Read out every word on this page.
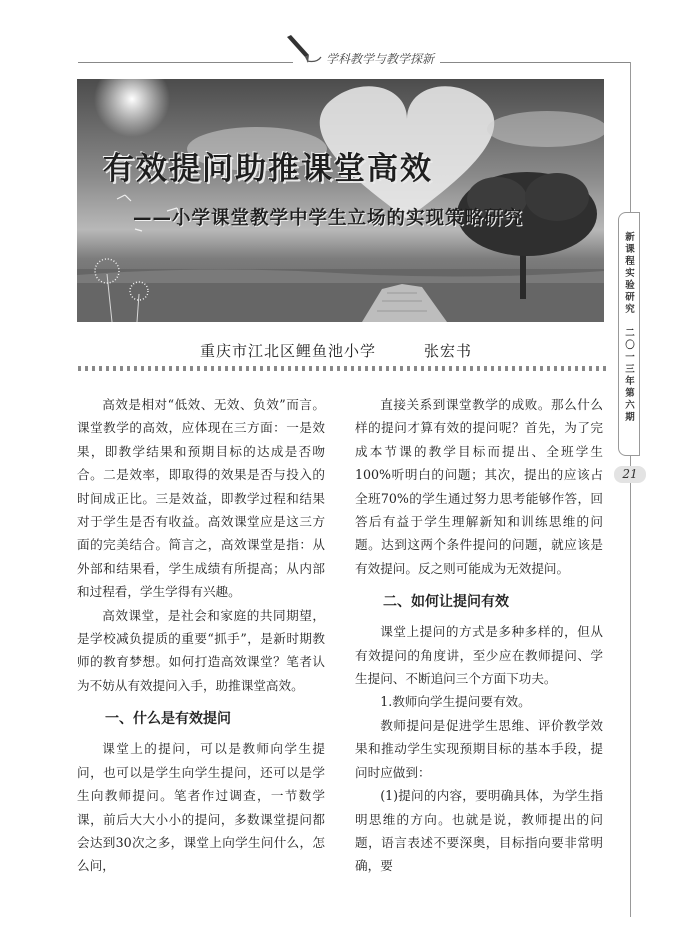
学科教学与教学探新
新课程实验研究
二〇一三年 第六期
21
有效提问助推课堂高效
——小学课堂教学中学生立场的实现策略研究
重庆市江北区鲤鱼池小学	张宏书

高效是相对“低效、无效、负效”而言。课堂教学的高效，应体现在三方面：一是效果，即教学结果和预期目标的达成是否吻合。二是效率，即取得的效果是否与投入的时间成正比。三是效益，即教学过程和结果对于学生是否有收益。高效课堂应是这三方面的完美结合。简言之，高效课堂是指：从外部和结果看，学生成绩有所提高；从内部和过程看，学生学得有兴趣。

高效课堂，是社会和家庭的共同期望，是学校减负提质的重要“抓手”，是新时期教师的教育梦想。如何打造高效课堂？笔者认为不妨从有效提问入手，助推课堂高效。

一、什么是有效提问

课堂上的提问，可以是教师向学生提问，也可以是学生向学生提问，还可以是学生向教师提问。笔者作过调查，一节数学课，前后大大小小的提问，多数课堂提问都会达到30次之多，课堂上向学生问什么，怎么问，

直接关系到课堂教学的成败。那么什么样的提问才算有效的提问呢？首先，为了完成本节课的教学目标而提出、全班学生100%听明白的问题；其次，提出的应该占全班70%的学生通过努力思考能够作答，回答后有益于学生理解新知和训练思维的问题。达到这两个条件提问的问题，就应该是有效提问。反之则可能成为无效提问。

二、如何让提问有效

课堂上提问的方式是多种多样的，但从有效提问的角度讲，至少应在教师提问、学生提问、不断追问三个方面下功夫。

1.教师向学生提问要有效。

教师提问是促进学生思维、评价教学效果和推动学生实现预期目标的基本手段，提问时应做到：

(1)提问的内容，要明确具体，为学生指明思维的方向。也就是说，教师提出的问题，语言表述不要深奥，目标指向要非常明确，要
